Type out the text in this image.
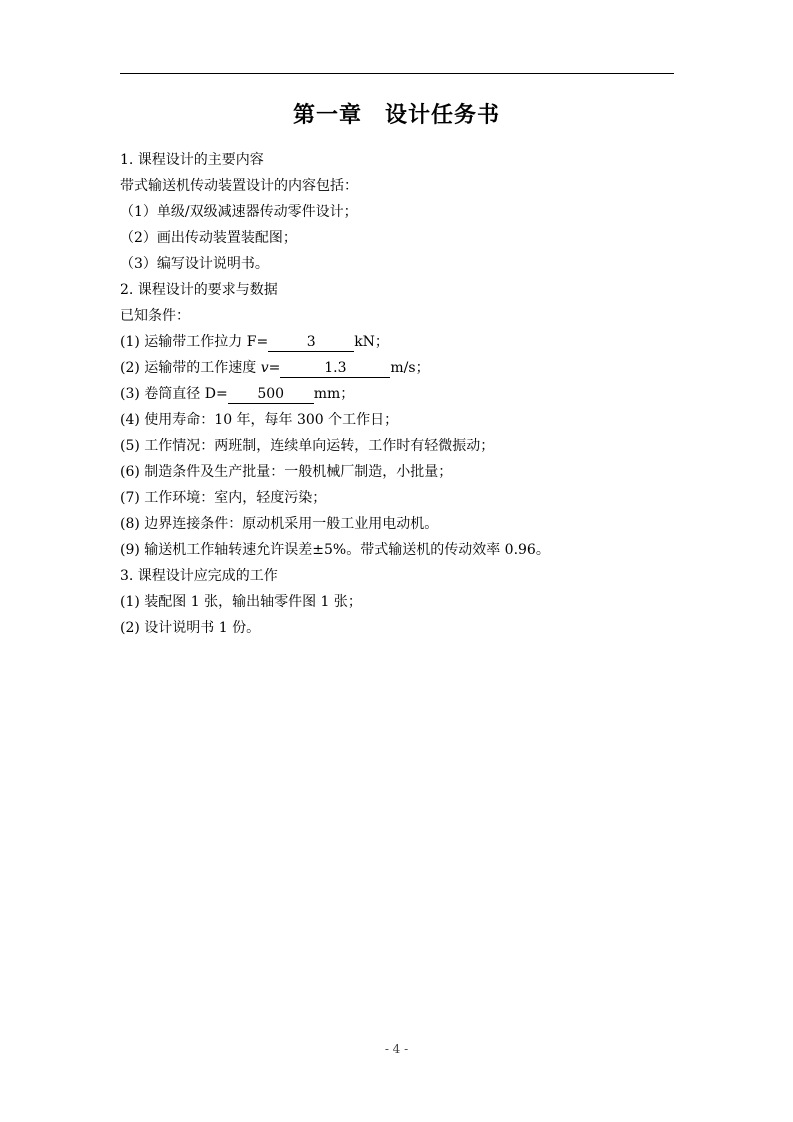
第一章　设计任务书
1. 课程设计的主要内容
带式输送机传动装置设计的内容包括：
（1）单级/双级减速器传动零件设计；
（2）画出传动装置装配图；
（3）编写设计说明书。
2. 课程设计的要求与数据
已知条件：
(1) 运输带工作拉力 F=	3	kN；
(2) 运输带的工作速度 v=	1.3	m/s；
(3) 卷筒直径 D= 500 mm；
(4) 使用寿命：10 年，每年 300 个工作日；
(5) 工作情况：两班制，连续单向运转，工作时有轻微振动；
(6) 制造条件及生产批量：一般机械厂制造，小批量；
(7) 工作环境：室内，轻度污染；
(8) 边界连接条件：原动机采用一般工业用电动机。
(9) 输送机工作轴转速允许误差±5%。带式输送机的传动效率 0.96。
3. 课程设计应完成的工作
(1) 装配图 1 张，输出轴零件图 1 张；
(2) 设计说明书 1 份。
- 4 -
